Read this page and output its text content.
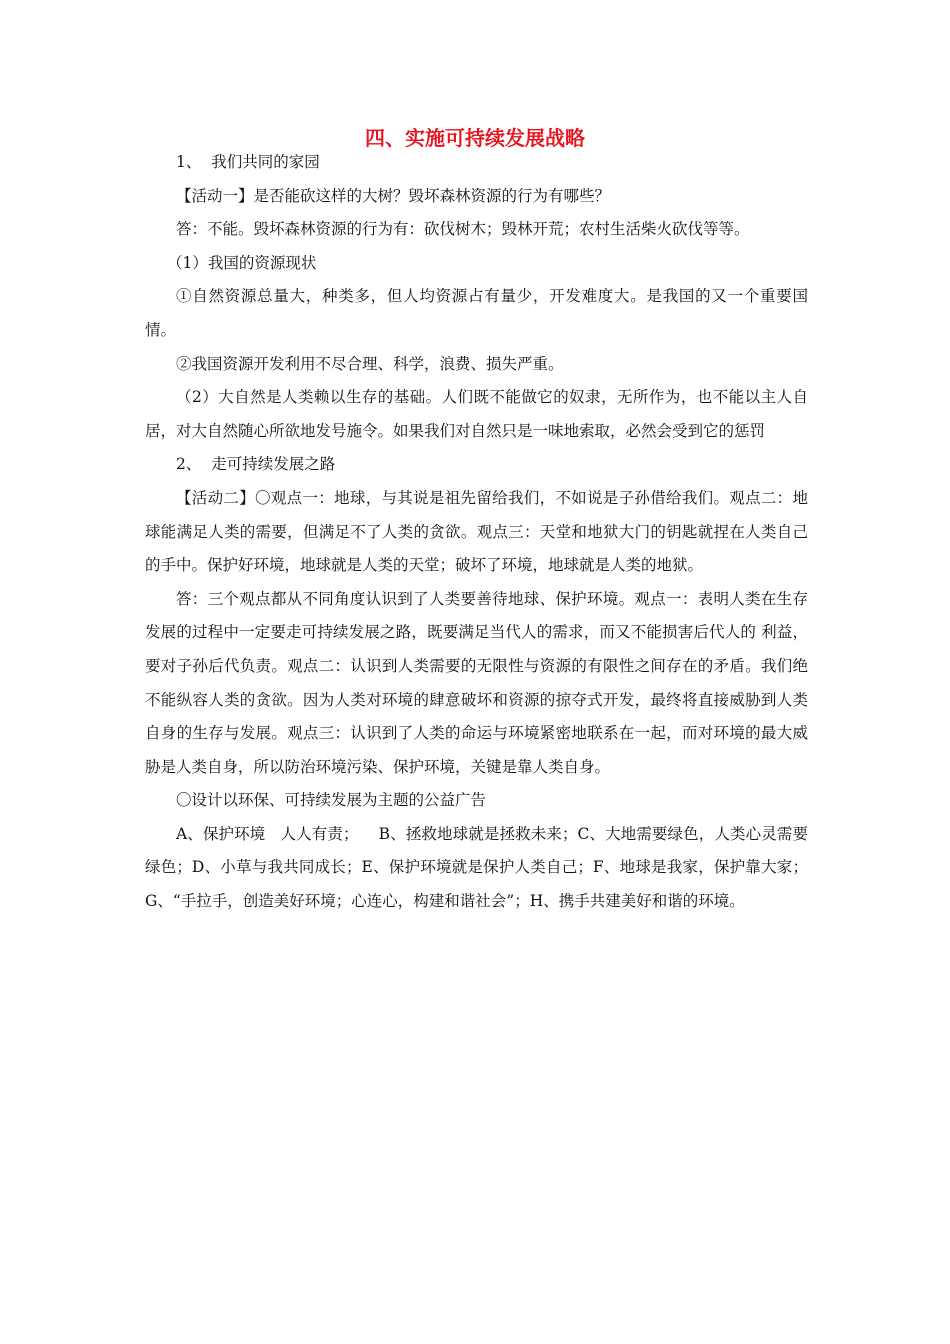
四、实施可持续发展战略

1、  我们共同的家园

【活动一】是否能砍这样的大树？毁坏森林资源的行为有哪些？

答：不能。毁坏森林资源的行为有：砍伐树木；毁林开荒；农村生活柴火砍伐等等。

（1）我国的资源现状

①自然资源总量大，种类多，但人均资源占有量少，开发难度大。是我国的又一个重要国情。

②我国资源开发利用不尽合理、科学，浪费、损失严重。

（2）大自然是人类赖以生存的基础。人们既不能做它的奴隶，无所作为，也不能以主人自居，对大自然随心所欲地发号施令。如果我们对自然只是一味地索取，必然会受到它的惩罚

2、  走可持续发展之路

【活动二】〇观点一：地球，与其说是祖先留给我们，不如说是子孙借给我们。观点二：地球能满足人类的需要，但满足不了人类的贪欲。观点三：天堂和地狱大门的钥匙就捏在人类自己的手中。保护好环境，地球就是人类的天堂；破坏了环境，地球就是人类的地狱。

答：三个观点都从不同角度认识到了人类要善待地球、保护环境。观点一：表明人类在生存发展的过程中一定要走可持续发展之路，既要满足当代人的需求，而又不能损害后代人的 利益，要对子孙后代负责。观点二：认识到人类需要的无限性与资源的有限性之间存在的矛盾。我们绝不能纵容人类的贪欲。因为人类对环境的肆意破坏和资源的掠夺式开发，最终将直接威胁到人类自身的生存与发展。观点三：认识到了人类的命运与环境紧密地联系在一起，而对环境的最大威胁是人类自身，所以防治环境污染、保护环境，关键是靠人类自身。

〇设计以环保、可持续发展为主题的公益广告

A、保护环境   人人有责；    B、拯救地球就是拯救未来；C、大地需要绿色，人类心灵需要绿色；D、小草与我共同成长；E、保护环境就是保护人类自己；F、地球是我家，保护靠大家；G、“手拉手，创造美好环境；心连心，构建和谐社会”；H、携手共建美好和谐的环境。
